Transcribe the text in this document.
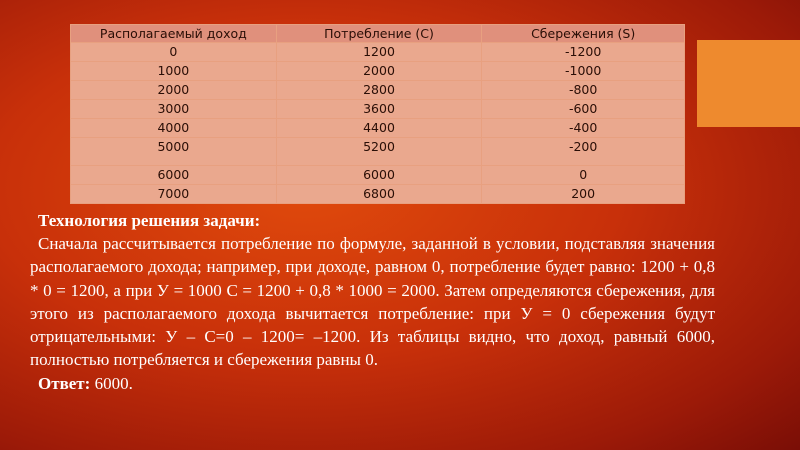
Располагаемый доход	Потребление (C)	Сбережения (S)
0	1200	-1200
1000	2000	-1000
2000	2800	-800
3000	3600	-600
4000	4400	-400
5000	5200	-200
6000	6000	0
7000	6800	200

Технология решения задачи:

Сначала рассчитывается потребление по формуле, заданной в условии, подставляя значения располагаемого дохода; например, при доходе, равном 0, потребление будет равно: 1200 + 0,8 * 0 = 1200, а при У = 1000 С = 1200 + 0,8 * 1000 = 2000. Затем определяются сбережения, для этого из располагаемого дохода вычитается потребление: при У = 0 сбережения будут отрицательными: У – С=0 – 1200= –1200. Из таблицы видно, что доход, равный 6000, полностью потребляется и сбережения равны 0.

Ответ: 6000.
